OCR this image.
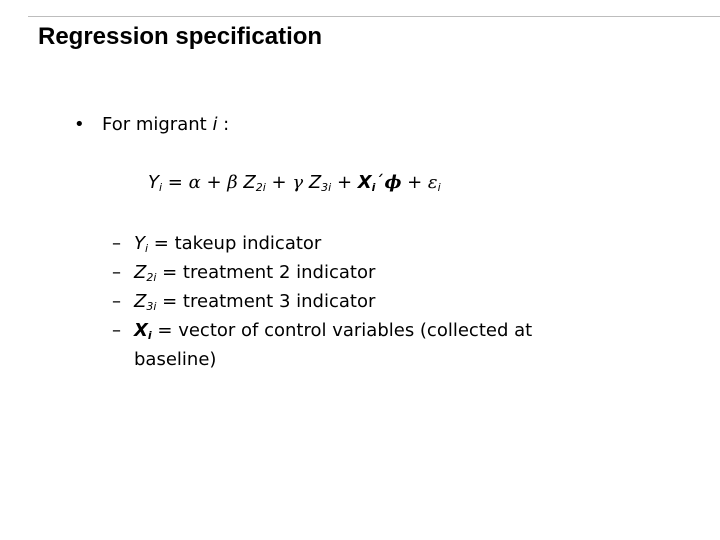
Regression specification
• For migrant i :
$Y_i = \alpha + \beta$ $Z_{2i} + \gamma$ $Z_{3i}$ + $X_i´\phi + \varepsilon_i$
– $Y_i$ = takeup indicator
– $Z_{2i}$ = treatment 2 indicator
– $Z_{3i}$ = treatment 3 indicator
– $X_i$ = vector of control variables (collected at baseline)
